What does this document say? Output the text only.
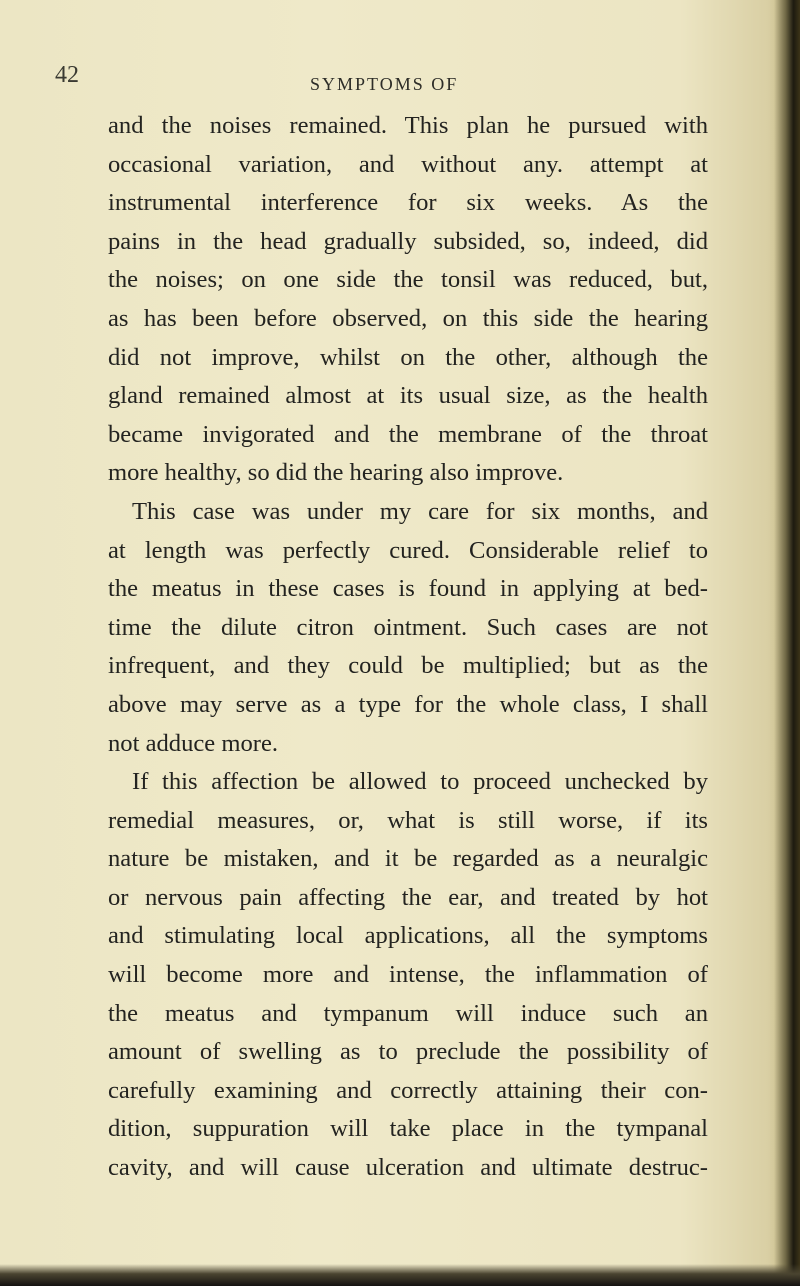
42	SYMPTOMS OF
and the noises remained. This plan he pursued with
occasional variation, and without any. attempt at
instrumental interference for six weeks. As the
pains in the head gradually subsided, so, indeed, did
the noises; on one side the tonsil was reduced, but,
as has been before observed, on this side the hearing
did not improve, whilst on the other, although the
gland remained almost at its usual size, as the health
became invigorated and the membrane of the throat
more healthy, so did the hearing also improve.
This case was under my care for six months, and
at length was perfectly cured. Considerable relief to
the meatus in these cases is found in applying at bed-
time the dilute citron ointment. Such cases are not
infrequent, and they could be multiplied; but as the
above may serve as a type for the whole class, I shall
not adduce more.
If this affection be allowed to proceed unchecked by
remedial measures, or, what is still worse, if its
nature be mistaken, and it be regarded as a neuralgic
or nervous pain affecting the ear, and treated by hot
and stimulating local applications, all the symptoms
will become more and intense, the inflammation of
the meatus and tympanum will induce such an
amount of swelling as to preclude the possibility of
carefully examining and correctly attaining their con-
dition, suppuration will take place in the tympanal
cavity, and will cause ulceration and ultimate destruc-
